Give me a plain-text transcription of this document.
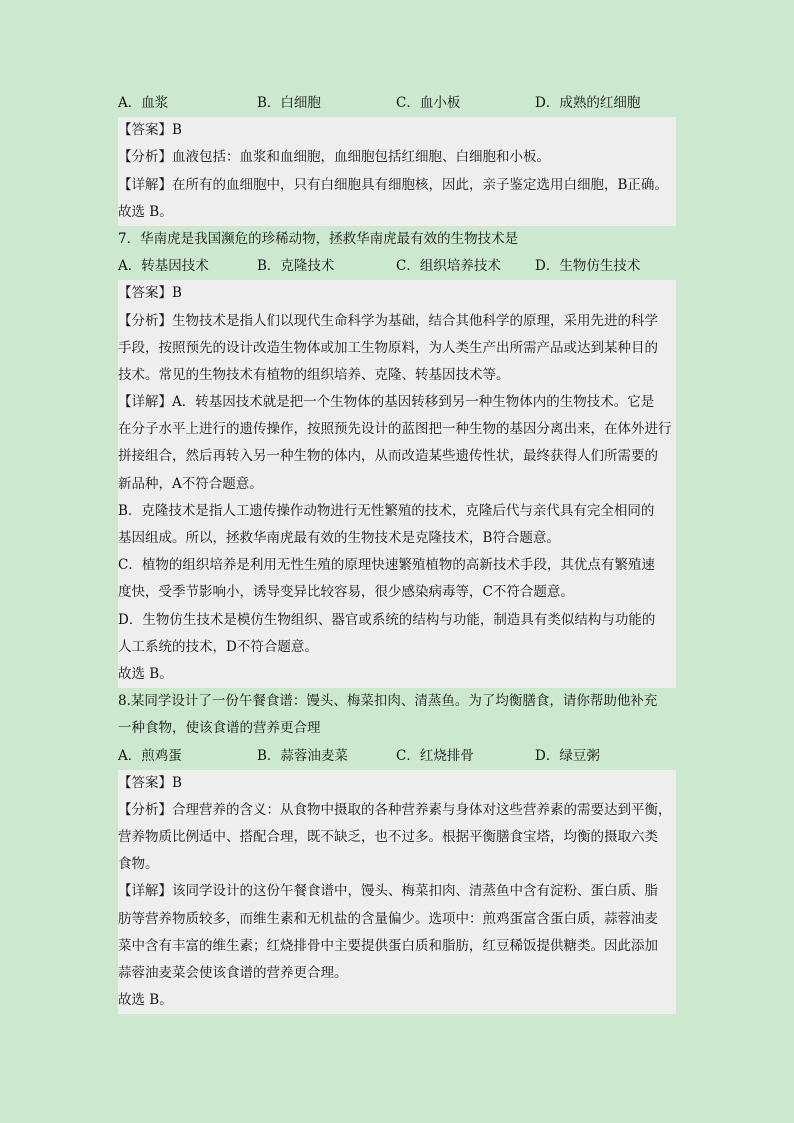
A．血浆	B．白细胞	C．血小板	D．成熟的红细胞
【答案】B
【分析】血液包括：血浆和血细胞，血细胞包括红细胞、白细胞和小板。
【详解】在所有的血细胞中，只有白细胞具有细胞核，因此，亲子鉴定选用白细胞，B正确。
故选 B。
7．华南虎是我国濒危的珍稀动物，拯救华南虎最有效的生物技术是
A．转基因技术	B．克隆技术	C．组织培养技术	D．生物仿生技术
【答案】B
【分析】生物技术是指人们以现代生命科学为基础，结合其他科学的原理，采用先进的科学
手段，按照预先的设计改造生物体或加工生物原料，为人类生产出所需产品或达到某种目的
技术。常见的生物技术有植物的组织培养、克隆、转基因技术等。
【详解】A．转基因技术就是把一个生物体的基因转移到另一种生物体内的生物技术。它是
在分子水平上进行的遗传操作，按照预先设计的蓝图把一种生物的基因分离出来，在体外进行
拼接组合，然后再转入另一种生物的体内，从而改造某些遗传性状，最终获得人们所需要的
新品种，A不符合题意。
B．克隆技术是指人工遗传操作动物进行无性繁殖的技术，克隆后代与亲代具有完全相同的
基因组成。所以，拯救华南虎最有效的生物技术是克隆技术，B符合题意。
C．植物的组织培养是利用无性生殖的原理快速繁殖植物的高新技术手段，其优点有繁殖速
度快，受季节影响小，诱导变异比较容易，很少感染病毒等，C不符合题意。
D．生物仿生技术是模仿生物组织、器官或系统的结构与功能，制造具有类似结构与功能的
人工系统的技术，D不符合题意。
故选 B。
8.某同学设计了一份午餐食谱：馒头、梅菜扣肉、清蒸鱼。为了均衡膳食，请你帮助他补充
一种食物，使该食谱的营养更合理
A．煎鸡蛋	B．蒜蓉油麦菜	C．红烧排骨	D．绿豆粥
【答案】B
【分析】合理营养的含义：从食物中摄取的各种营养素与身体对这些营养素的需要达到平衡，
营养物质比例适中、搭配合理，既不缺乏，也不过多。根据平衡膳食宝塔，均衡的摄取六类
食物。
【详解】该同学设计的这份午餐食谱中，馒头、梅菜扣肉、清蒸鱼中含有淀粉、蛋白质、脂
肪等营养物质较多，而维生素和无机盐的含量偏少。选项中：煎鸡蛋富含蛋白质，蒜蓉油麦
菜中含有丰富的维生素；红烧排骨中主要提供蛋白质和脂肪，红豆稀饭提供糖类。因此添加
蒜蓉油麦菜会使该食谱的营养更合理。
故选 B。
